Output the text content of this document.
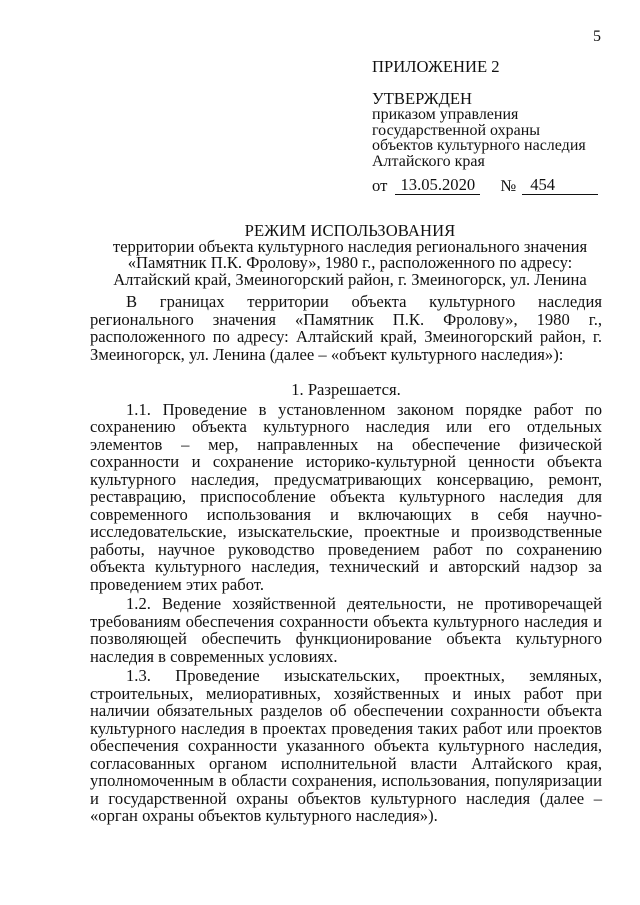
5

ПРИЛОЖЕНИЕ 2

УТВЕРЖДЕН

приказом управления

государственной охраны

объектов культурного наследия

Алтайского края

от 13.05.2020	№ 454

РЕЖИМ ИСПОЛЬЗОВАНИЯ

территории объекта культурного наследия регионального значения

«Памятник П.К. Фролову», 1980 г., расположенного по адресу:

Алтайский край, Змеиногорский район, г. Змеиногорск, ул. Ленина

В границах территории объекта культурного наследия регионального значения «Памятник П.К. Фролову», 1980 г., расположенного по адресу: Алтайский край, Змеиногорский район, г. Змеиногорск, ул. Ленина (далее – «объект культурного наследия»):

1. Разрешается.

1.1. Проведение в установленном законом порядке работ по сохранению объекта культурного наследия или его отдельных элементов – мер, направленных на обеспечение физической сохранности и сохранение историко-культурной ценности объекта культурного наследия, предусматривающих консервацию, ремонт, реставрацию, приспособление объекта культурного наследия для современного использования и включающих в себя научно-исследовательские, изыскательские, проектные и производственные работы, научное руководство проведением работ по сохранению объекта культурного наследия, технический и авторский надзор за проведением этих работ.

1.2. Ведение хозяйственной деятельности, не противоречащей требованиям обеспечения сохранности объекта культурного наследия и позволяющей обеспечить функционирование объекта культурного наследия в современных условиях.

1.3. Проведение изыскательских, проектных, земляных, строительных, мелиоративных, хозяйственных и иных работ при наличии обязательных разделов об обеспечении сохранности объекта культурного наследия в проектах проведения таких работ или проектов обеспечения сохранности указанного объекта культурного наследия, согласованных органом исполнительной власти Алтайского края, уполномоченным в области сохранения, использования, популяризации и государственной охраны объектов культурного наследия (далее – «орган охраны объектов культурного наследия»).
